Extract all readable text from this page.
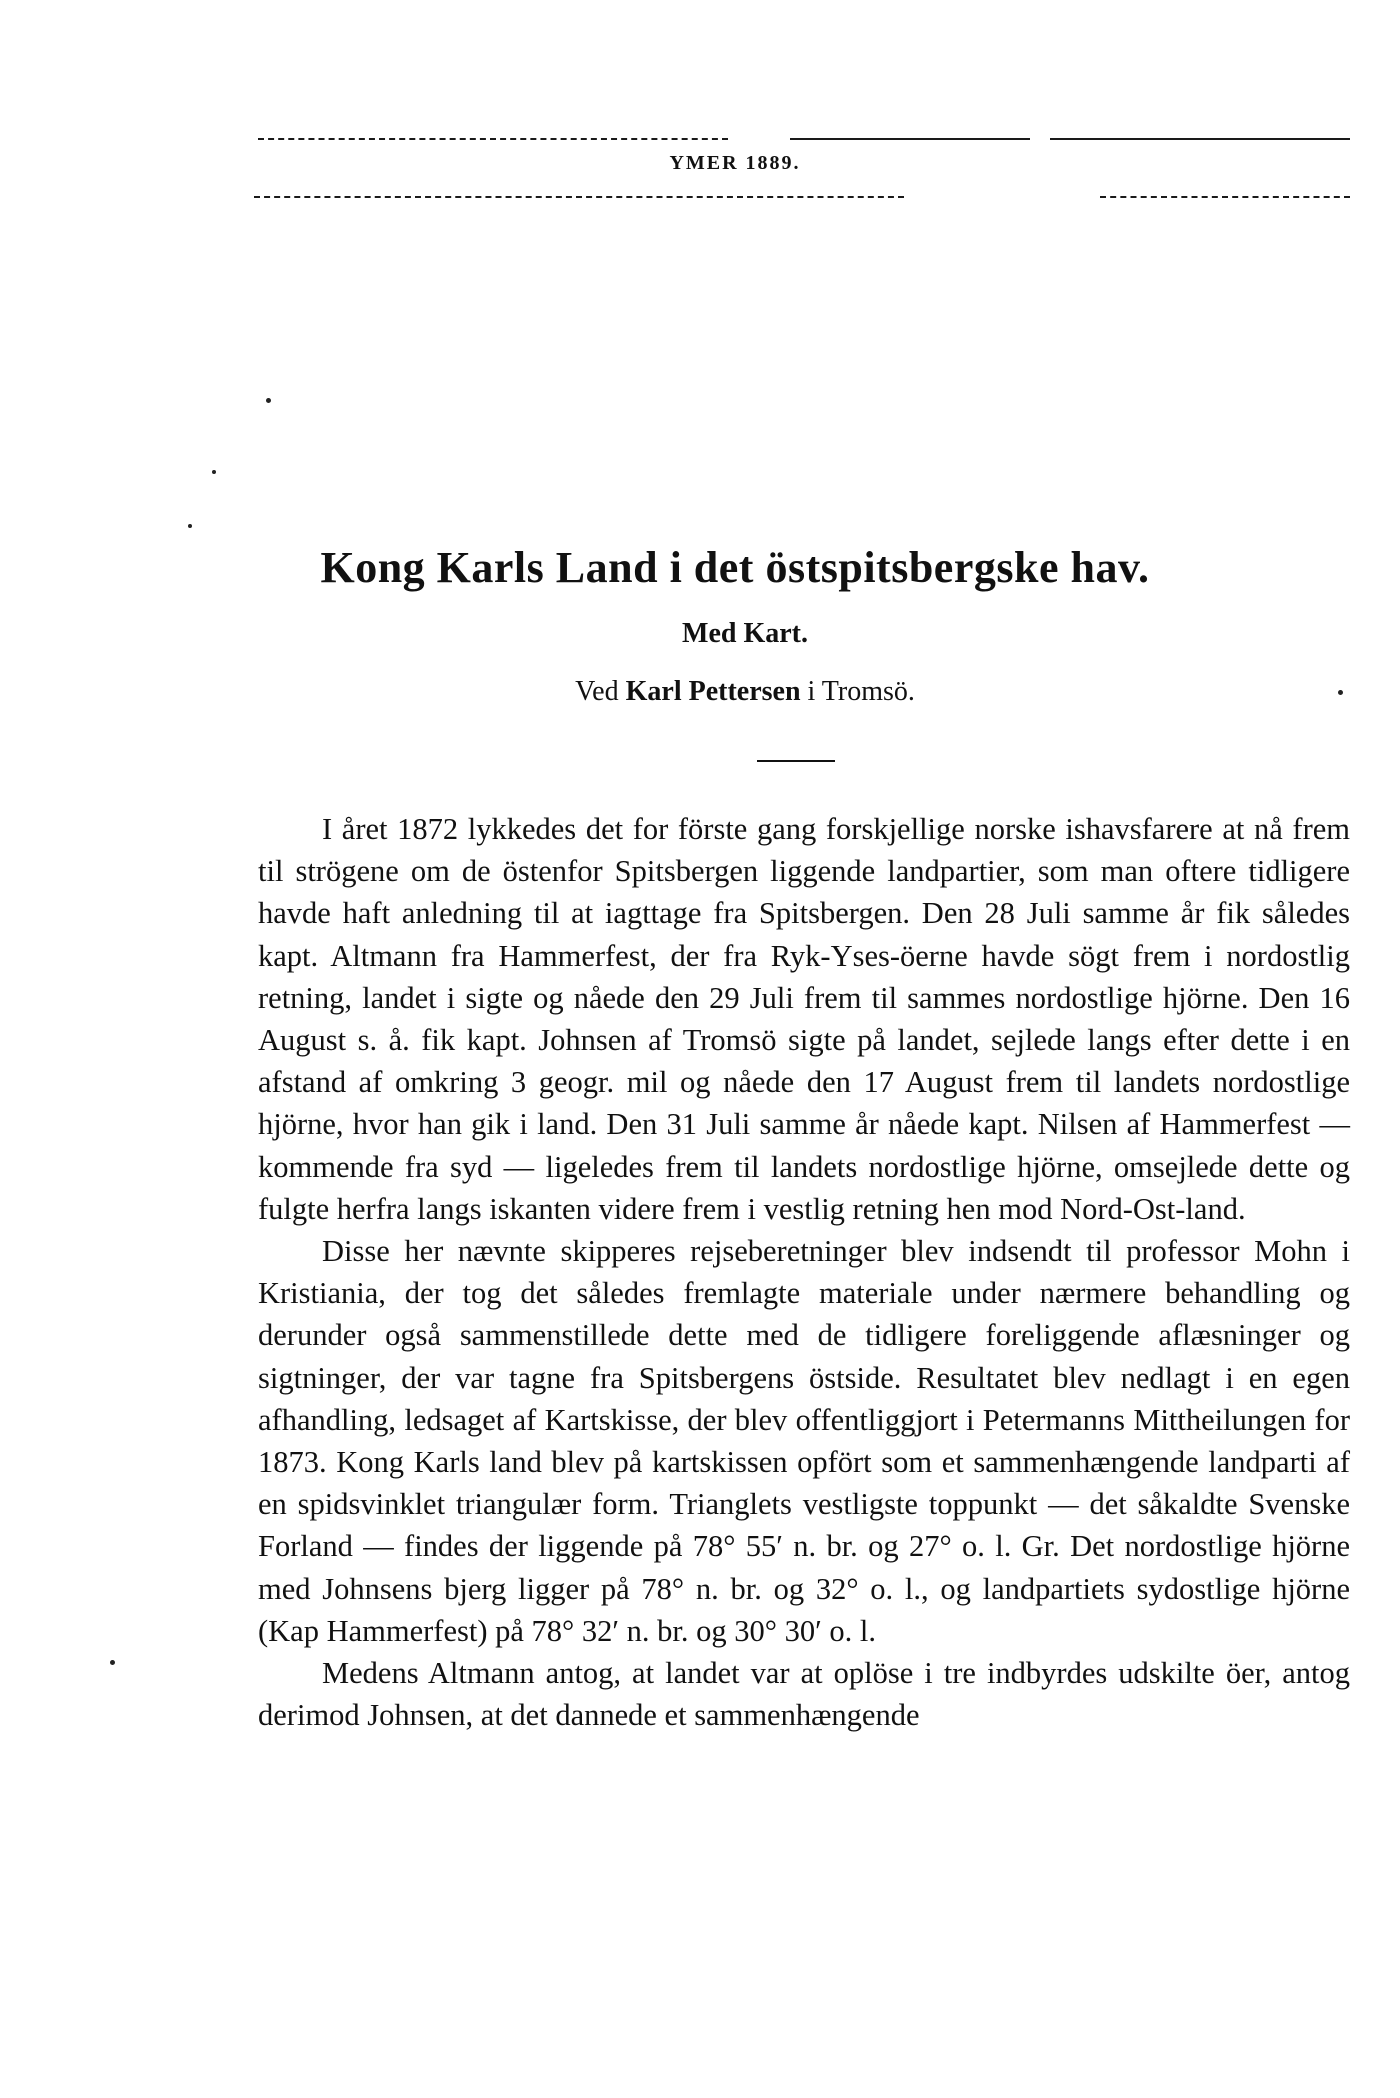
YMER 1889.
Kong Karls Land i det östspitsbergske hav.
Med Kart.
Ved Karl Pettersen i Tromsö.

I året 1872 lykkedes det for förste gang forskjellige norske ishavsfarere at nå frem til strögene om de östenfor Spitsbergen liggende landpartier, som man oftere tidligere havde haft anledning til at iagttage fra Spitsbergen. Den 28 Juli samme år fik således kapt. Altmann fra Hammerfest, der fra Ryk-Yses-öerne havde sögt frem i nordostlig retning, landet i sigte og nåede den 29 Juli frem til sammes nordostlige hjörne. Den 16 August s. å. fik kapt. Johnsen af Tromsö sigte på landet, sejlede langs efter dette i en afstand af omkring 3 geogr. mil og nåede den 17 August frem til landets nordostlige hjörne, hvor han gik i land. Den 31 Juli samme år nåede kapt. Nilsen af Hammerfest — kommende fra syd — ligeledes frem til landets nordostlige hjörne, omsejlede dette og fulgte herfra langs iskanten videre frem i vestlig retning hen mod Nord-Ost-land.

Disse her nævnte skipperes rejseberetninger blev indsendt til professor Mohn i Kristiania, der tog det således fremlagte materiale under nærmere behandling og derunder også sammenstillede dette med de tidligere foreliggende aflæsninger og sigtninger, der var tagne fra Spitsbergens östside. Resultatet blev nedlagt i en egen afhandling, ledsaget af Kartskisse, der blev offentliggjort i Petermanns Mittheilungen for 1873. Kong Karls land blev på kartskissen opfört som et sammenhængende landparti af en spidsvinklet triangulær form. Trianglets vestligste toppunkt — det såkaldte Svenske Forland — findes der liggende på 78° 55′ n. br. og 27° o. l. Gr. Det nordostlige hjörne med Johnsens bjerg ligger på 78° n. br. og 32° o. l., og landpartiets sydostlige hjörne (Kap Hammerfest) på 78° 32′ n. br. og 30° 30′ o. l.

Medens Altmann antog, at landet var at oplöse i tre indbyrdes udskilte öer, antog derimod Johnsen, at det dannede et sammenhængende
